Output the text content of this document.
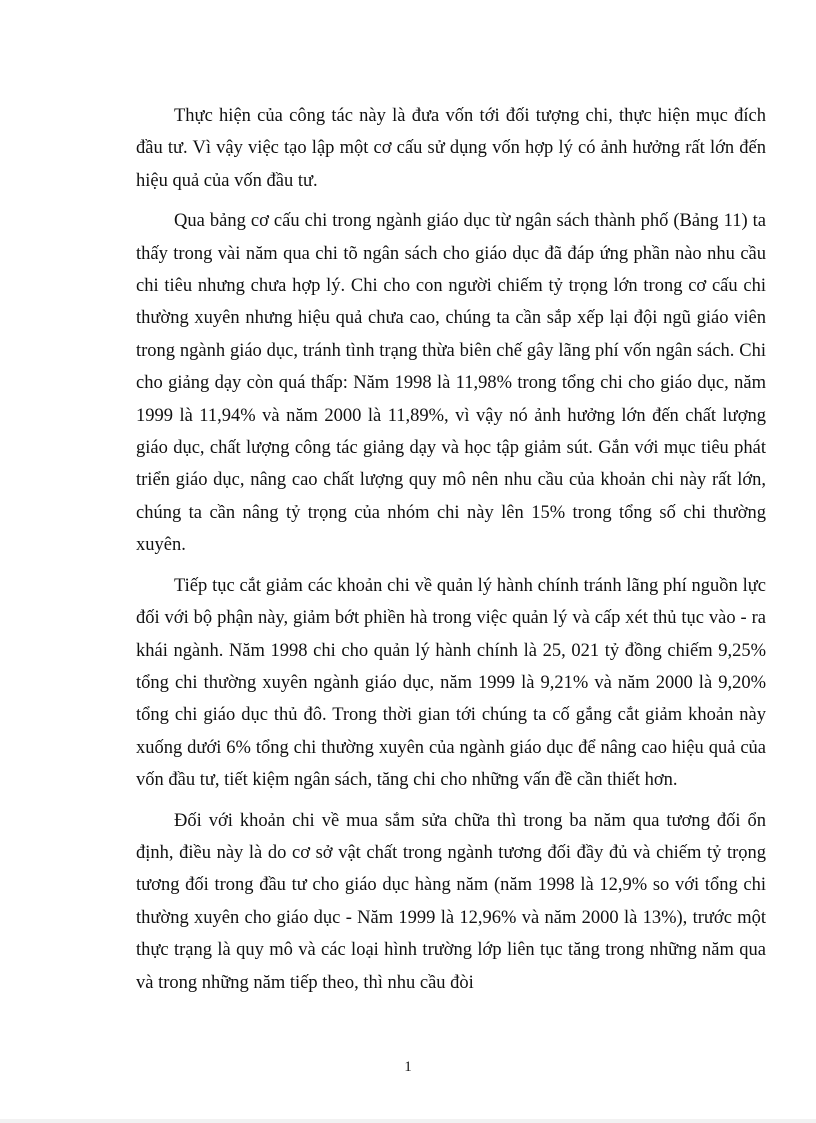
Thực hiện của công tác này là đưa vốn tới đối tượng chi, thực hiện mục đích đầu tư. Vì vậy việc tạo lập một cơ cấu sử dụng vốn hợp lý có ảnh hưởng rất lớn đến hiệu quả của vốn đầu tư.

Qua bảng cơ cấu chi trong ngành giáo dục từ ngân sách thành phố (Bảng 11) ta thấy trong vài năm qua chi tõ ngân sách cho giáo dục đã đáp ứng phần nào nhu cầu chi tiêu nhưng chưa hợp lý. Chi cho con người chiếm tỷ trọng lớn trong cơ cấu chi thường xuyên nhưng hiệu quả chưa cao, chúng ta cần sắp xếp lại đội ngũ giáo viên trong ngành giáo dục, tránh tình trạng thừa biên chế gây lãng phí vốn ngân sách. Chi cho giảng dạy còn quá thấp: Năm 1998 là 11,98% trong tổng chi cho giáo dục, năm 1999 là 11,94% và năm 2000 là 11,89%, vì vậy nó ảnh hưởng lớn đến chất lượng giáo dục, chất lượng công tác giảng dạy và học tập giảm sút. Gắn với mục tiêu phát triển giáo dục, nâng cao chất lượng quy mô nên nhu cầu của khoản chi này rất lớn, chúng ta cần nâng tỷ trọng của nhóm chi này lên 15% trong tổng số chi thường xuyên.

Tiếp tục cắt giảm các khoản chi về quản lý hành chính tránh lãng phí nguồn lực đối với bộ phận này, giảm bớt phiền hà trong việc quản lý và cấp xét thủ tục vào - ra khái ngành. Năm 1998 chi cho quản lý hành chính là 25, 021 tỷ đồng chiếm 9,25% tổng chi thường xuyên ngành giáo dục, năm 1999 là 9,21% và năm 2000 là 9,20% tổng chi giáo dục thủ đô. Trong thời gian tới chúng ta cố gắng cắt giảm khoản này xuống dưới 6% tổng chi thường xuyên của ngành giáo dục để nâng cao hiệu quả của vốn đầu tư, tiết kiệm ngân sách, tăng chi cho những vấn đề cần thiết hơn.

Đối với khoản chi về mua sắm sửa chữa thì trong ba năm qua tương đối ổn định, điều này là do cơ sở vật chất trong ngành tương đối đầy đủ và chiếm tỷ trọng tương đối trong đầu tư cho giáo dục hàng năm (năm 1998 là 12,9% so với tổng chi thường xuyên cho giáo dục - Năm 1999 là 12,96% và năm 2000 là 13%), trước một thực trạng là quy mô và các loại hình trường lớp liên tục tăng trong những năm qua và trong những năm tiếp theo, thì nhu cầu đòi

1
